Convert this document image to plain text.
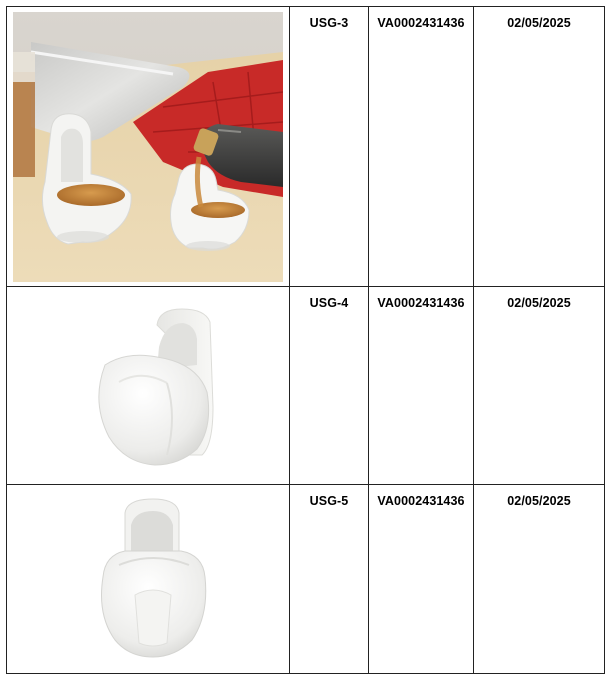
USG-3	VA0002431436	02/05/2025

USG-4	VA0002431436	02/05/2025

USG-5	VA0002431436	02/05/2025
